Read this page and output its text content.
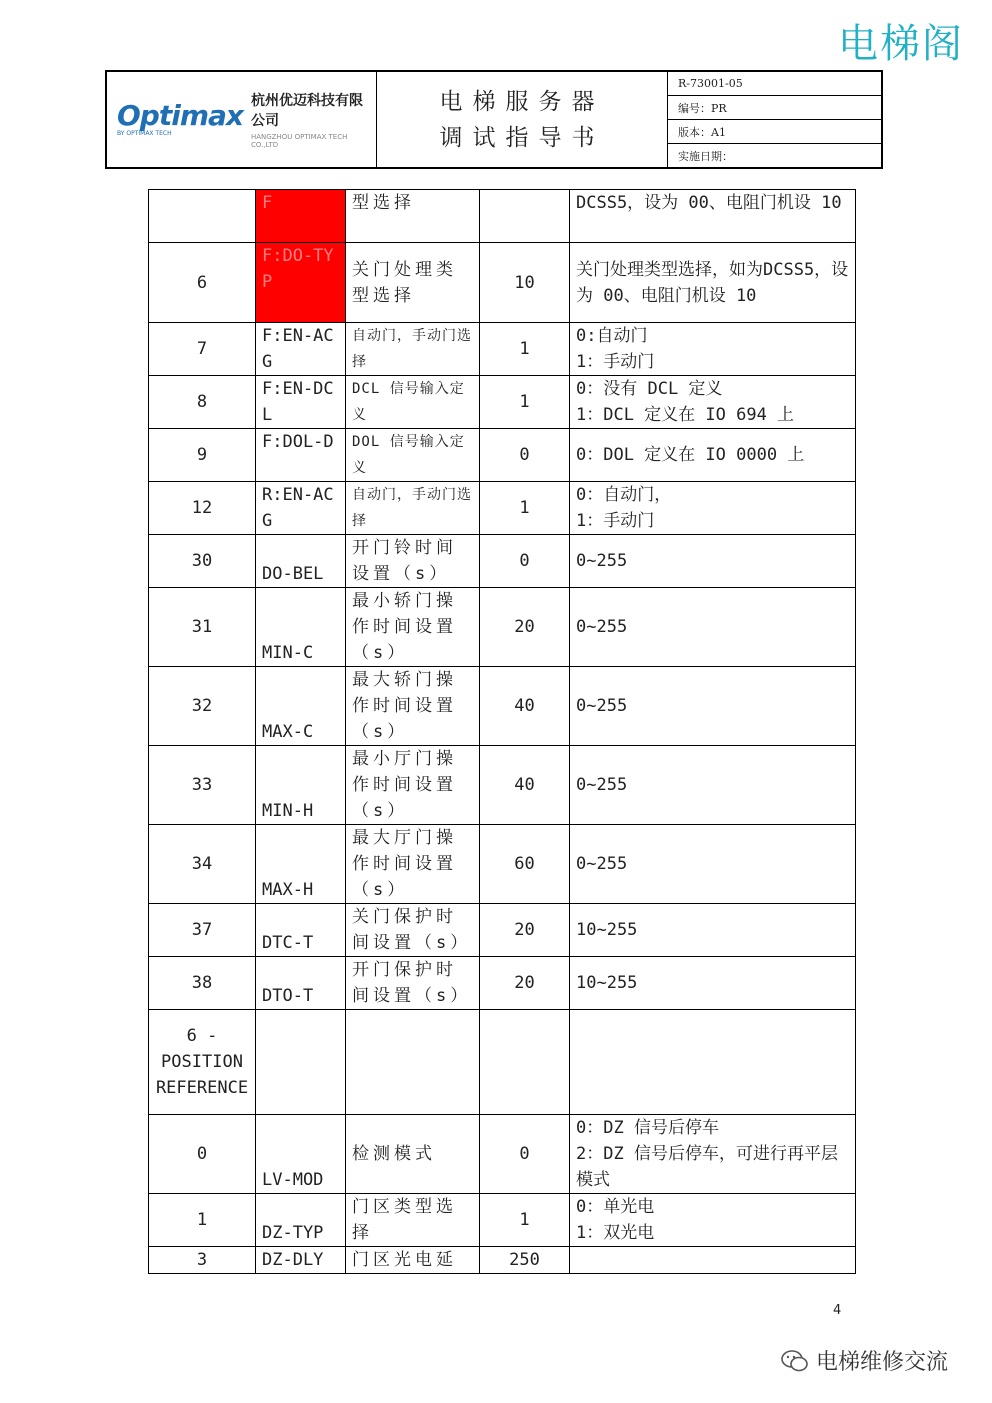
电梯阁
Optimax
BY OPTIMAX TECH
杭州优迈科技有限公司
HANGZHOU OPTIMAX TECH CO.,LTD
电梯服务器
调试指导书
R-73001-05
编号：PR
版本：A1
实施日期：
	F	型选择		DCSS5，设为 00、电阻门机设 10
6	F:DO-TYP	关门处理类型选择	10	关门处理类型选择，如为DCSS5，设为 00、电阻门机设 10
7	F:EN-ACG	自动门，手动门选择	1	0:自动门
1：手动门
8	F:EN-DCL	DCL 信号输入定义	1	0：没有 DCL 定义
1：DCL 定义在 IO 694 上
9	F:DOL-D	DOL 信号输入定义	0	0：DOL 定义在 IO 0000 上
12	R:EN-ACG	自动门，手动门选择	1	0：自动门，
1：手动门
30	DO-BEL	开门铃时间设置（s）	0	0~255
31	MIN-C	最小轿门操作时间设置（s）	20	0~255
32	MAX-C	最大轿门操作时间设置（s）	40	0~255
33	MIN-H	最小厅门操作时间设置（s）	40	0~255
34	MAX-H	最大厅门操作时间设置（s）	60	0~255
37	DTC-T	关门保护时间设置（s）	20	10~255
38	DTO-T	开门保护时间设置（s）	20	10~255
6 - POSITION REFERENCE				
0	LV-MOD	检测模式	0	0：DZ 信号后停车
2：DZ 信号后停车，可进行再平层模式
1	DZ-TYP	门区类型选择	1	0：单光电
1：双光电
3	DZ-DLY	门区光电延	250	
4
电梯维修交流
